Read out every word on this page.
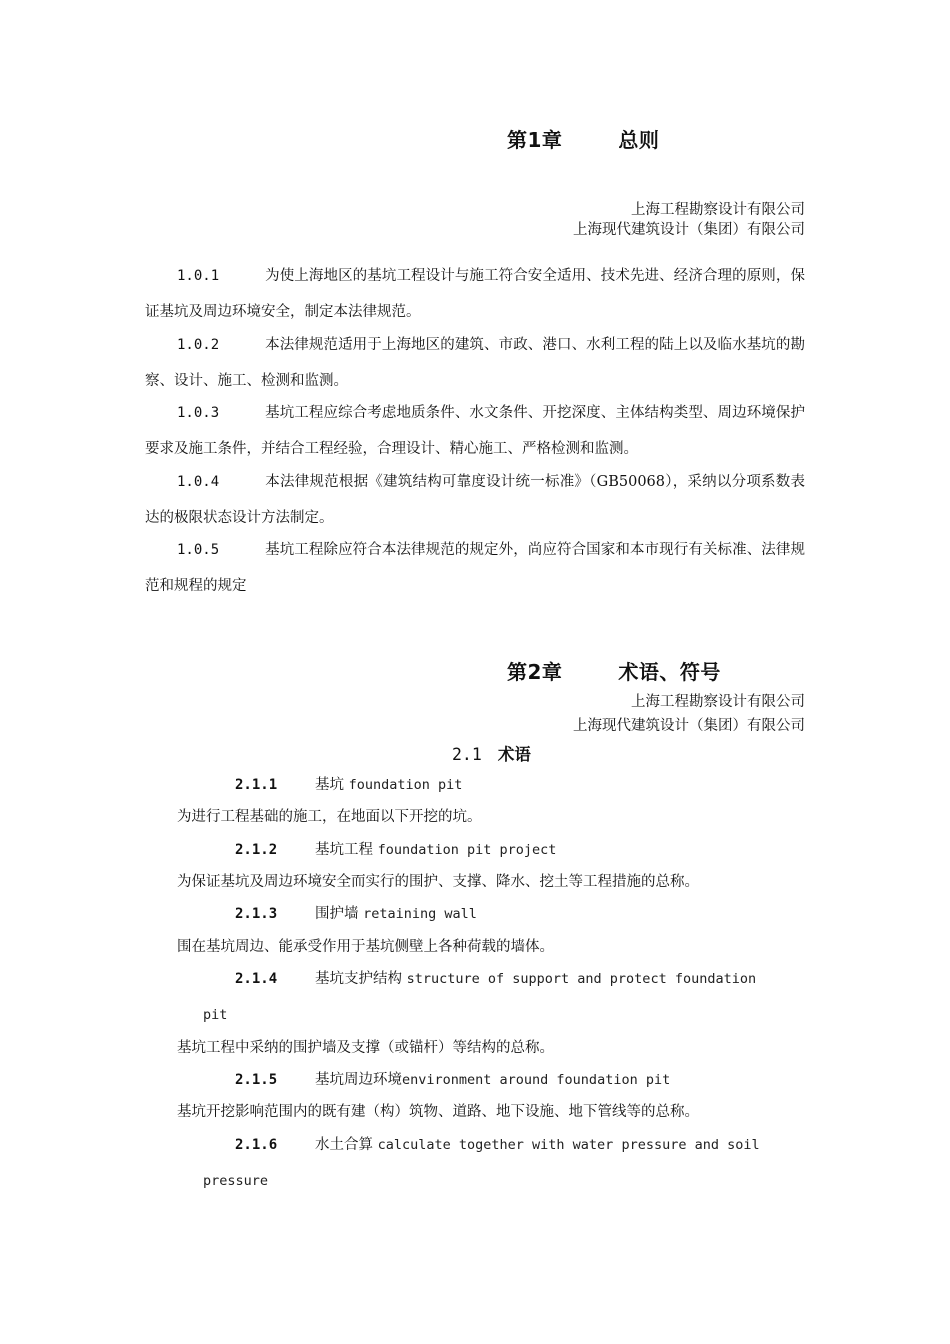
第1章	总则
上海工程勘察设计有限公司
上海现代建筑设计（集团）有限公司
1.0.1	为使上海地区的基坑工程设计与施工符合安全适用、技术先进、经济合理的原则，保证基坑及周边环境安全，制定本法律规范。
1.0.2	本法律规范适用于上海地区的建筑、市政、港口、水利工程的陆上以及临水基坑的勘察、设计、施工、检测和监测。
1.0.3	基坑工程应综合考虑地质条件、水文条件、开挖深度、主体结构类型、周边环境保护要求及施工条件，并结合工程经验，合理设计、精心施工、严格检测和监测。
1.0.4	本法律规范根据《建筑结构可靠度设计统一标准》（GB50068），采纳以分项系数表达的极限状态设计方法制定。
1.0.5	基坑工程除应符合本法律规范的规定外，尚应符合国家和本市现行有关标准、法律规范和规程的规定
第2章	术语、符号
上海工程勘察设计有限公司
上海现代建筑设计（集团）有限公司
2.1 术语
2.1.1	基坑 foundation pit
为进行工程基础的施工，在地面以下开挖的坑。
2.1.2	基坑工程 foundation pit project
为保证基坑及周边环境安全而实行的围护、支撑、降水、挖土等工程措施的总称。
2.1.3	围护墙 retaining wall
围在基坑周边、能承受作用于基坑侧壁上各种荷载的墙体。
2.1.4	基坑支护结构 structure of support and protect foundation
pit
基坑工程中采纳的围护墙及支撑（或锚杆）等结构的总称。
2.1.5	基坑周边环境environment around foundation pit
基坑开挖影响范围内的既有建（构）筑物、道路、地下设施、地下管线等的总称。
2.1.6	水土合算 calculate together with water pressure and soil
pressure
